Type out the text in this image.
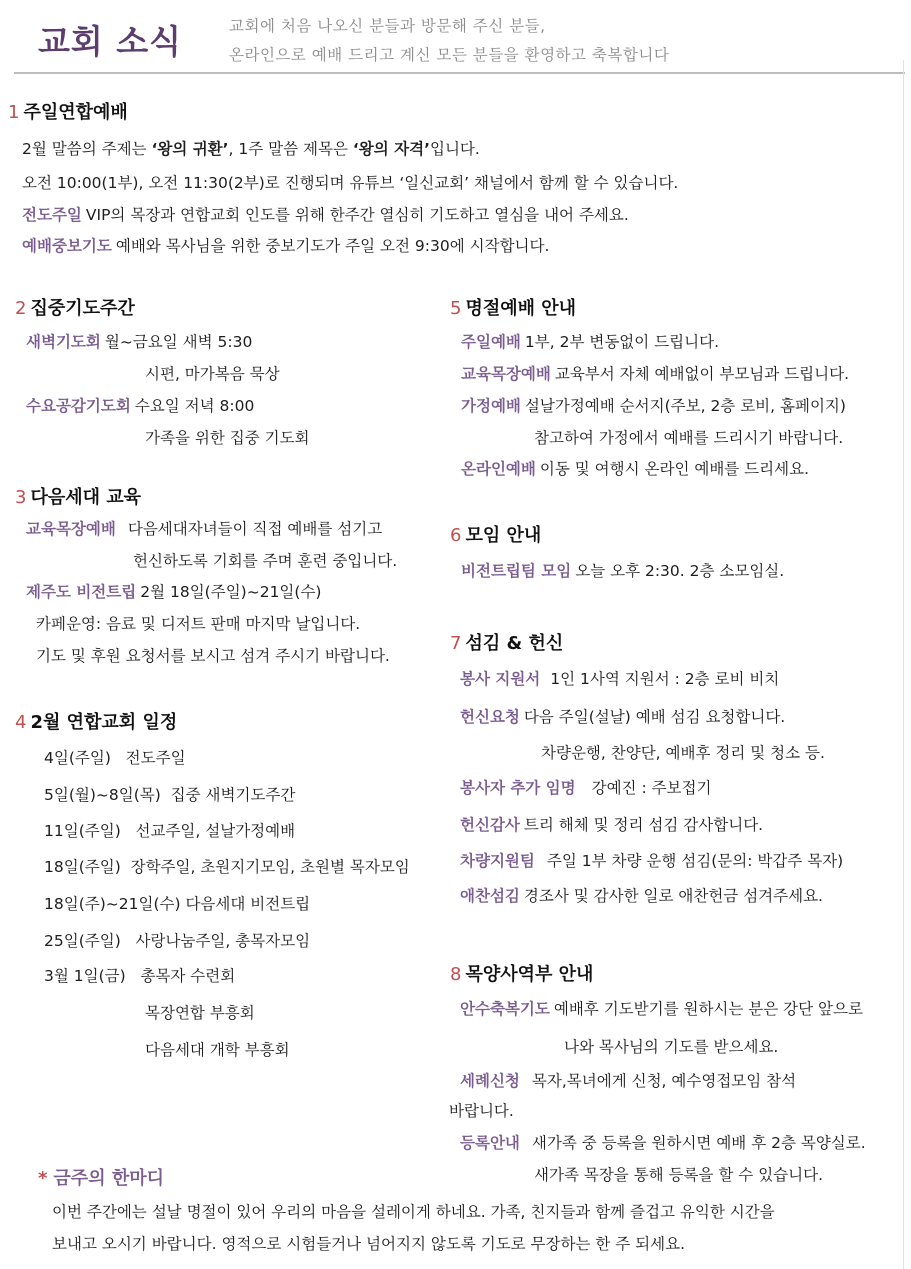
교회 소식	교회에 처음 나오신 분들과 방문해 주신 분들,
온라인으로 예배 드리고 계신 모든 분들을 환영하고 축복합니다
1 주일연합예배
2월 말씀의 주제는 ‘왕의 귀환’, 1주 말씀 제목은 ‘왕의 자격’입니다.
오전 10:00(1부), 오전 11:30(2부)로 진행되며 유튜브 ‘일신교회’ 채널에서 함께 할 수 있습니다.
전도주일 VIP의 목장과 연합교회 인도를 위해 한주간 열심히 기도하고 열심을 내어 주세요.
예배중보기도 예배와 목사님을 위한 중보기도가 주일 오전 9:30에 시작합니다.
2 집중기도주간
새벽기도회 월~금요일 새벽 5:30
시편, 마가복음 묵상
수요공감기도회 수요일 저녁 8:00
가족을 위한 집중 기도회
3 다음세대 교육
교육목장예배 다음세대자녀들이 직접 예배를 섬기고
헌신하도록 기회를 주며 훈련 중입니다.
제주도 비전트립 2월 18일(주일)~21일(수)
카페운영: 음료 및 디저트 판매 마지막 날입니다.
기도 및 후원 요청서를 보시고 섬겨 주시기 바랍니다.
4 2월 연합교회 일정
4일(주일)   전도주일
5일(월)~8일(목)  집중 새벽기도주간
11일(주일)   선교주일, 설날가정예배
18일(주일)  장학주일, 초원지기모임, 초원별 목자모임
18일(주)~21일(수) 다음세대 비전트립
25일(주일)   사랑나눔주일, 총목자모임
3월 1일(금)   총목자 수련회
목장연합 부흥회
다음세대 개학 부흥회
5 명절예배 안내
주일예배 1부, 2부 변동없이 드립니다.
교육목장예배 교육부서 자체 예배없이 부모님과 드립니다.
가정예배 설날가정예배 순서지(주보, 2층 로비, 홈페이지)
참고하여 가정에서 예배를 드리시기 바랍니다.
온라인예배 이동 및 여행시 온라인 예배를 드리세요.
6 모임 안내
비전트립팀 모임 오늘 오후 2:30. 2층 소모임실.
7 섬김 & 헌신
봉사 지원서 1인 1사역 지원서 : 2층 로비 비치
헌신요청 다음 주일(설날) 예배 섬김 요청합니다.
차량운행, 찬양단, 예배후 정리 및 청소 등.
봉사자 추가 임명 강예진 : 주보접기
헌신감사 트리 해체 및 정리 섬김 감사합니다.
차량지원팀 주일 1부 차량 운행 섬김(문의: 박갑주 목자)
애찬섬김 경조사 및 감사한 일로 애찬헌금 섬겨주세요.
8 목양사역부 안내
안수축복기도 예배후 기도받기를 원하시는 분은 강단 앞으로
나와 목사님의 기도를 받으세요.
세례신청 목자,목녀에게 신청, 예수영접모임 참석
바랍니다.
등록안내 새가족 중 등록을 원하시면 예배 후 2층 목양실로.
새가족 목장을 통해 등록을 할 수 있습니다.
* 금주의 한마디
이번 주간에는 설날 명절이 있어 우리의 마음을 설레이게 하네요. 가족, 친지들과 함께 즐겁고 유익한 시간을
보내고 오시기 바랍니다. 영적으로 시험들거나 넘어지지 않도록 기도로 무장하는 한 주 되세요.
